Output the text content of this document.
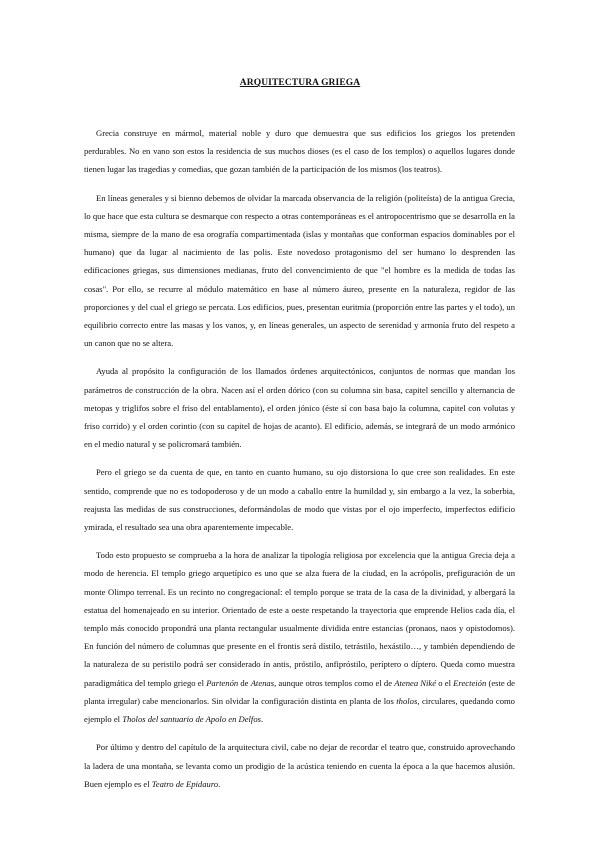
ARQUITECTURA GRIEGA

Grecia construye en mármol, material noble y duro que demuestra que sus edificios los griegos los pretenden perdurables. No en vano son estos la residencia de sus muchos dioses (es el caso de los templos) o aquellos lugares donde tienen lugar las tragedias y comedias, que gozan también de la participación de los mismos (los teatros).

En líneas generales y si bienno debemos de olvidar la marcada observancia de la religión (politeísta) de la antigua Grecia, lo que hace que esta cultura se desmarque con respecto a otras contemporáneas es el antropocentrismo que se desarrolla en la misma, siempre de la mano de esa orografía compartimentada (islas y montañas que conforman espacios dominables por el humano) que da lugar al nacimiento de las polis. Este novedoso protagonismo del ser humano lo desprenden las edificaciones griegas, sus dimensiones medianas, fruto del convencimiento de que "el hombre es la medida de todas las cosas". Por ello, se recurre al módulo matemático en base al número áureo, presente en la naturaleza, regidor de las proporciones y del cual el griego se percata. Los edificios, pues, presentan euritmia (proporción entre las partes y el todo), un equilibrio correcto entre las masas y los vanos, y, en líneas generales, un aspecto de serenidad y armonía fruto del respeto a un canon que no se altera.

Ayuda al propósito la configuración de los llamados órdenes arquitectónicos, conjuntos de normas que mandan los parámetros de construcción de la obra. Nacen así el orden dórico (con su columna sin basa, capitel sencillo y alternancia de metopas y triglifos sobre el friso del entablamento), el orden jónico (éste sí con basa bajo la columna, capitel con volutas y friso corrido) y el orden corintio (con su capitel de hojas de acanto). El edificio, además, se integrará de un modo armónico en el medio natural y se policromará también.

Pero el griego se da cuenta de que, en tanto en cuanto humano, su ojo distorsiona lo que cree son realidades. En este sentido, comprende que no es todopoderoso y de un modo a caballo entre la humildad y, sin embargo a la vez, la soberbia, reajusta las medidas de sus construcciones, deformándolas de modo que vistas por el ojo imperfecto, imperfectos edificio ymirada, el resultado sea una obra aparentemente impecable.

Todo esto propuesto se comprueba a la hora de analizar la tipología religiosa por excelencia que la antigua Grecia deja a modo de herencia. El templo griego arquetípico es uno que se alza fuera de la ciudad, en la acrópolis, prefiguración de un monte Olimpo terrenal. Es un recinto no congregacional: el templo porque se trata de la casa de la divinidad, y albergará la estatua del homenajeado en su interior. Orientado de este a oeste respetando la trayectoria que emprende Helios cada día, el templo más conocido propondrá una planta rectangular usualmente dividida entre estancias (pronaos, naos y opistodomos). En función del número de columnas que presente en el frontis será dístilo, tetrástilo, hexástilo…, y también dependiendo de la naturaleza de su peristilo podrá ser considerado in antis, próstilo, anfipróstilo, períptero o díptero. Queda como muestra paradigmática del templo griego el Partenón de Atenas, aunque otros templos como el de Atenea Niké o el Erecteión (este de planta irregular) cabe mencionarlos. Sin olvidar la configuración distinta en planta de los tholos, circulares, quedando como ejemplo el Tholos del santuario de Apolo en Delfos.

Por último y dentro del capítulo de la arquitectura civil, cabe no dejar de recordar el teatro que, construido aprovechando la ladera de una montaña, se levanta como un prodigio de la acústica teniendo en cuenta la época a la que hacemos alusión. Buen ejemplo es el Teatro de Epidauro.
